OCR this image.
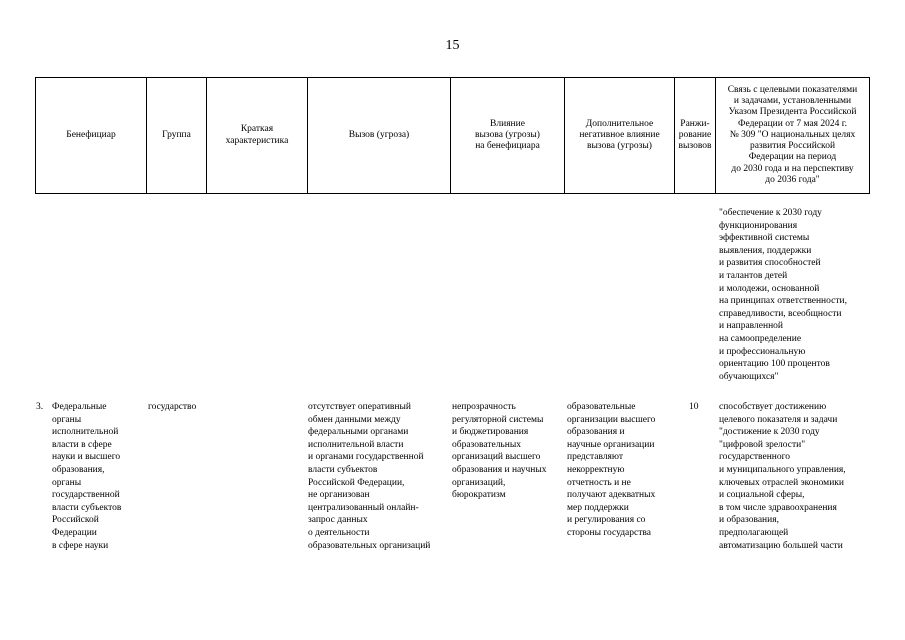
15
Бенефициар	Группа
Краткая
характеристика
Вызов (угроза)
Влияние
вызова (угрозы)
на бенефициара
Дополнительное
негативное влияние
вызова (угрозы)
Ранжи-
рование
вызовов
Связь с целевыми показателями
и задачами, установленными
Указом Президента Российской
Федерации от 7 мая 2024 г.
№ 309 "О национальных целях
развития Российской
Федерации на период
до 2030 года и на перспективу
до 2036 года"
"обеспечение к 2030 году
функционирования
эффективной системы
выявления, поддержки
и развития способностей
и талантов детей
и молодежи, основанной
на принципах ответственности,
справедливости, всеобщности
и направленной
на самоопределение
и профессиональную
ориентацию 100 процентов
обучающихся"
3. Федеральные
органы
исполнительной
власти в сфере
науки и высшего
образования,
органы
государственной
власти субъектов
Российской
Федерации
в сфере науки
государство	отсутствует оперативный
обмен данными между
федеральными органами
исполнительной власти
и органами государственной
власти субъектов
Российской Федерации,
не организован
централизованный онлайн-
запрос данных
о деятельности
образовательных организаций
непрозрачность
регуляторной системы
и бюджетирования
образовательных
организаций высшего
образования и научных
организаций,
бюрократизм
образовательные
организации высшего
образования и
научные организации
представляют
некорректную
отчетность и не
получают адекватных
мер поддержки
и регулирования со
стороны государства
10 способствует достижению
целевого показателя и задачи
"достижение к 2030 году
"цифровой зрелости"
государственного
и муниципального управления,
ключевых отраслей экономики
и социальной сферы,
в том числе здравоохранения
и образования,
предполагающей
автоматизацию большей части
